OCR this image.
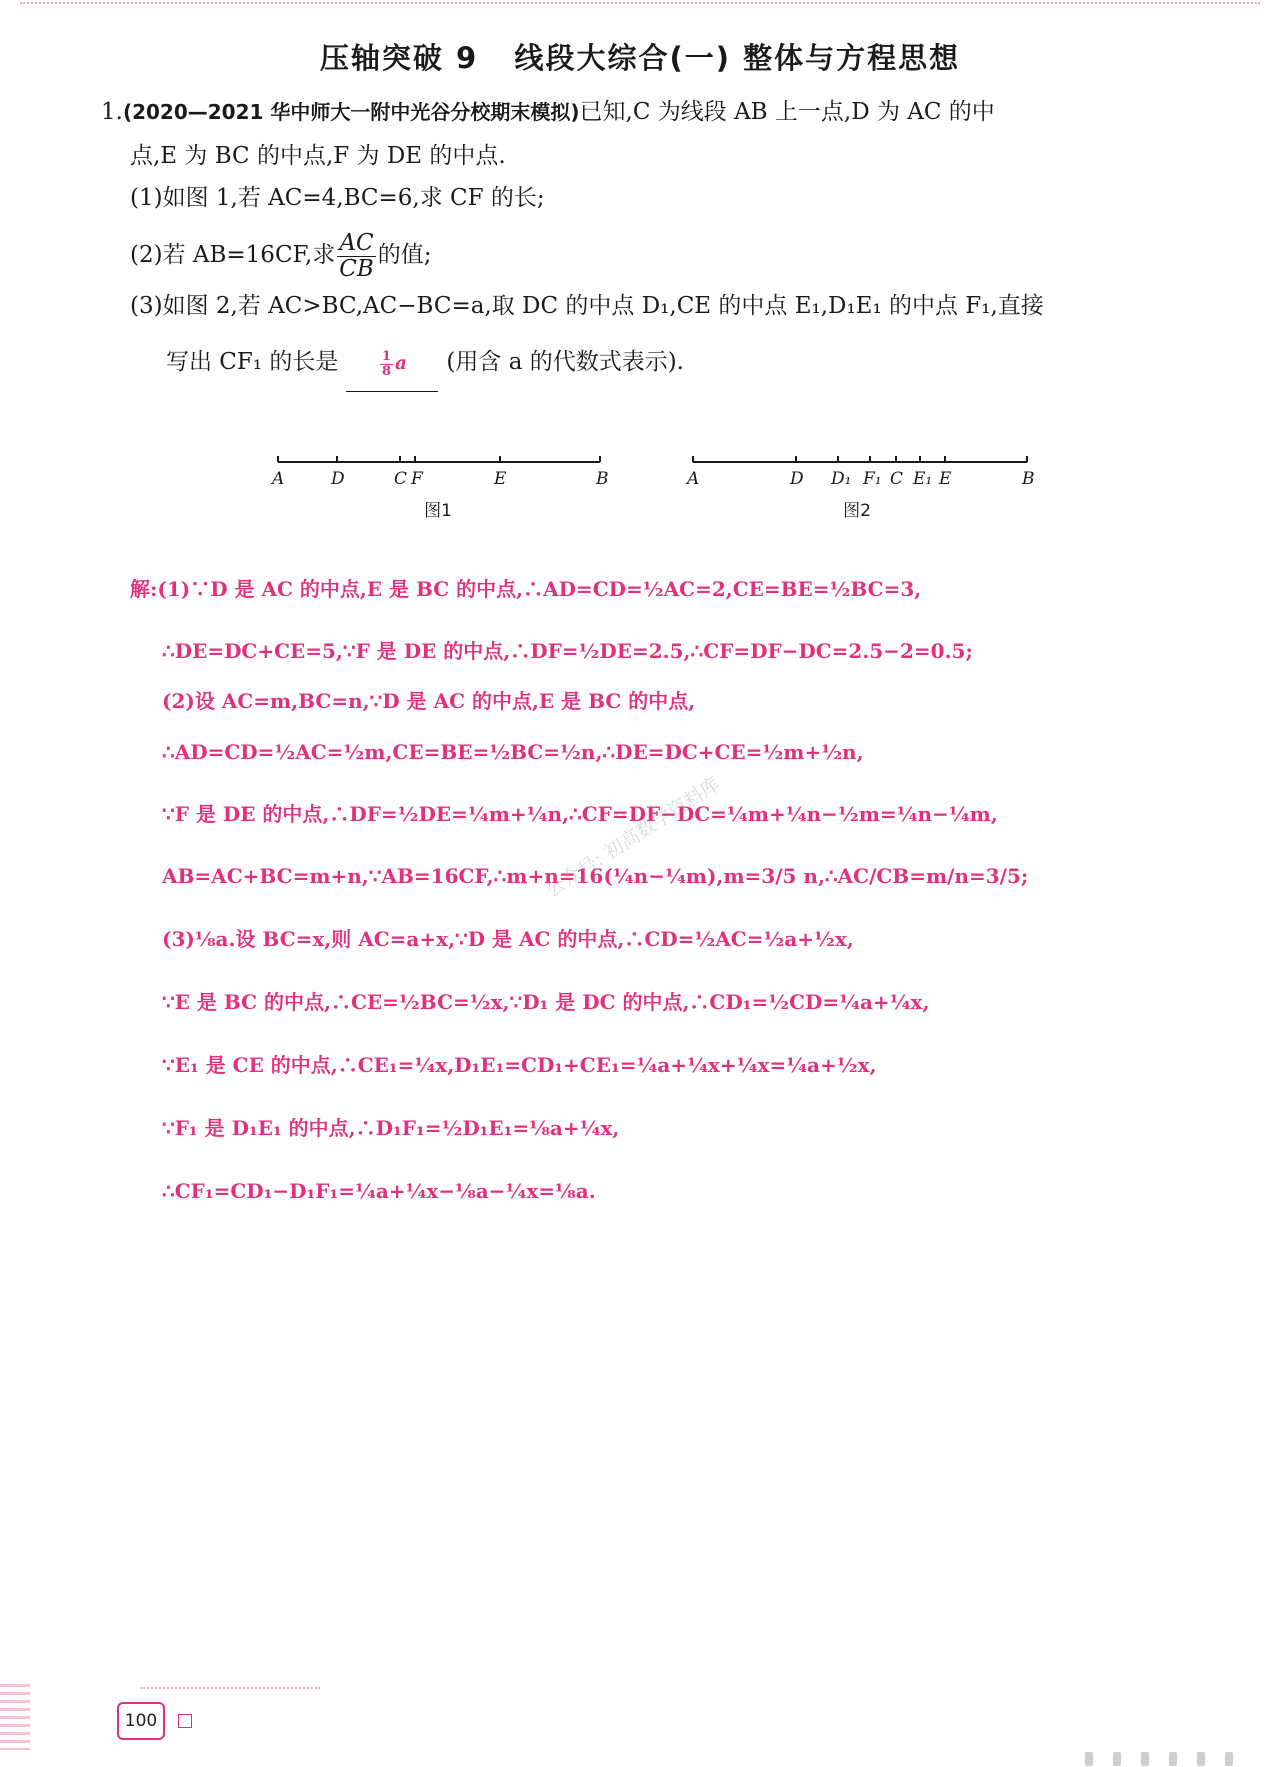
压轴突破 9   线段大综合(一) 整体与方程思想
1.(2020—2021 华中师大一附中光谷分校期末模拟)已知,C 为线段 AB 上一点,D 为 AC 的中
点,E 为 BC 的中点,F 为 DE 的中点.
(1)如图 1,若 AC=4,BC=6,求 CF 的长;
(2)若 AB=16CF,求 $\frac{AC}{CB}$ 的值;
(3)如图 2,若 AC>BC,AC−BC=a,取 DC 的中点 D₁,CE 的中点 E₁,D₁E₁ 的中点 F₁,直接
写出 CF₁ 的长是	$\frac{1}{8}$ a (用含 a 的代数式表示).
A	D	C F	E	B
图1
A	D D₁ F₁ C E₁ E	B
图2
解:(1)∵D 是 AC 的中点,E 是 BC 的中点,∴AD=CD=½AC=2,CE=BE=½BC=3,
∴DE=DC+CE=5,∵F 是 DE 的中点,∴DF=½DE=2.5,∴CF=DF−DC=2.5−2=0.5;
(2)设 AC=m,BC=n,∵D 是 AC 的中点,E 是 BC 的中点,
∴AD=CD=½AC=½m,CE=BE=½BC=½n,∴DE=DC+CE=½m+½n,
∵F 是 DE 的中点,∴DF=½DE=¼m+¼n,∴CF=DF−DC=¼m+¼n−½m=¼n−¼m,
AB=AC+BC=m+n,∵AB=16CF,∴m+n=16(¼n−¼m),m=3/5 n,∴AC/CB=m/n=3/5;
(3)⅛a.设 BC=x,则 AC=a+x,∵D 是 AC 的中点,∴CD=½AC=½a+½x,
∵E 是 BC 的中点,∴CE=½BC=½x,∵D₁ 是 DC 的中点,∴CD₁=½CD=¼a+¼x,
∵E₁ 是 CE 的中点,∴CE₁=¼x,D₁E₁=CD₁+CE₁=¼a+¼x+¼x=¼a+½x,
∵F₁ 是 D₁E₁ 的中点,∴D₁F₁=½D₁E₁=⅛a+¼x,
∴CF₁=CD₁−D₁F₁=¼a+¼x−⅛a−¼x=⅛a.
公众号: 初高数学资料库
100
